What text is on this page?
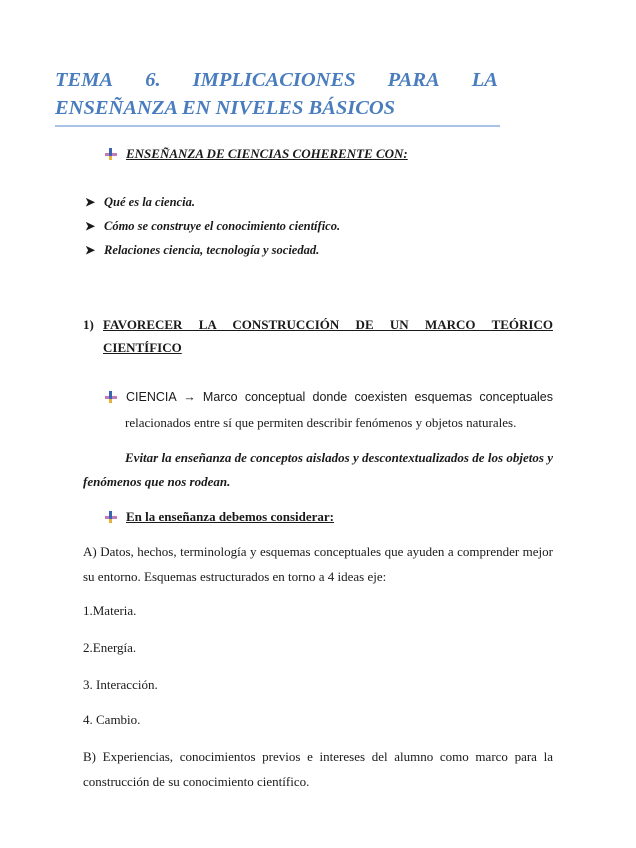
TEMA 6. IMPLICACIONES PARA LA
ENSEÑANZA EN NIVELES BÁSICOS
ENSEÑANZA DE CIENCIAS COHERENTE CON:
➤ Qué es la ciencia.
➤ Cómo se construye el conocimiento científico.
➤ Relaciones ciencia, tecnología y sociedad.
1) FAVORECER LA CONSTRUCCIÓN DE UN MARCO TEÓRICO
CIENTÍFICO
CIENCIA → Marco conceptual donde coexisten esquemas conceptuales
relacionados entre sí que permiten describir fenómenos y objetos naturales.
Evitar la enseñanza de conceptos aislados y descontextualizados de los objetos y fenómenos que nos rodean.
En la enseñanza debemos considerar:
A) Datos, hechos, terminología y esquemas conceptuales que ayuden a comprender mejor su entorno. Esquemas estructurados en torno a 4 ideas eje:
1.Materia.
2.Energía.
3. Interacción.
4. Cambio.
B) Experiencias, conocimientos previos e intereses del alumno como marco para la construcción de su conocimiento científico.
